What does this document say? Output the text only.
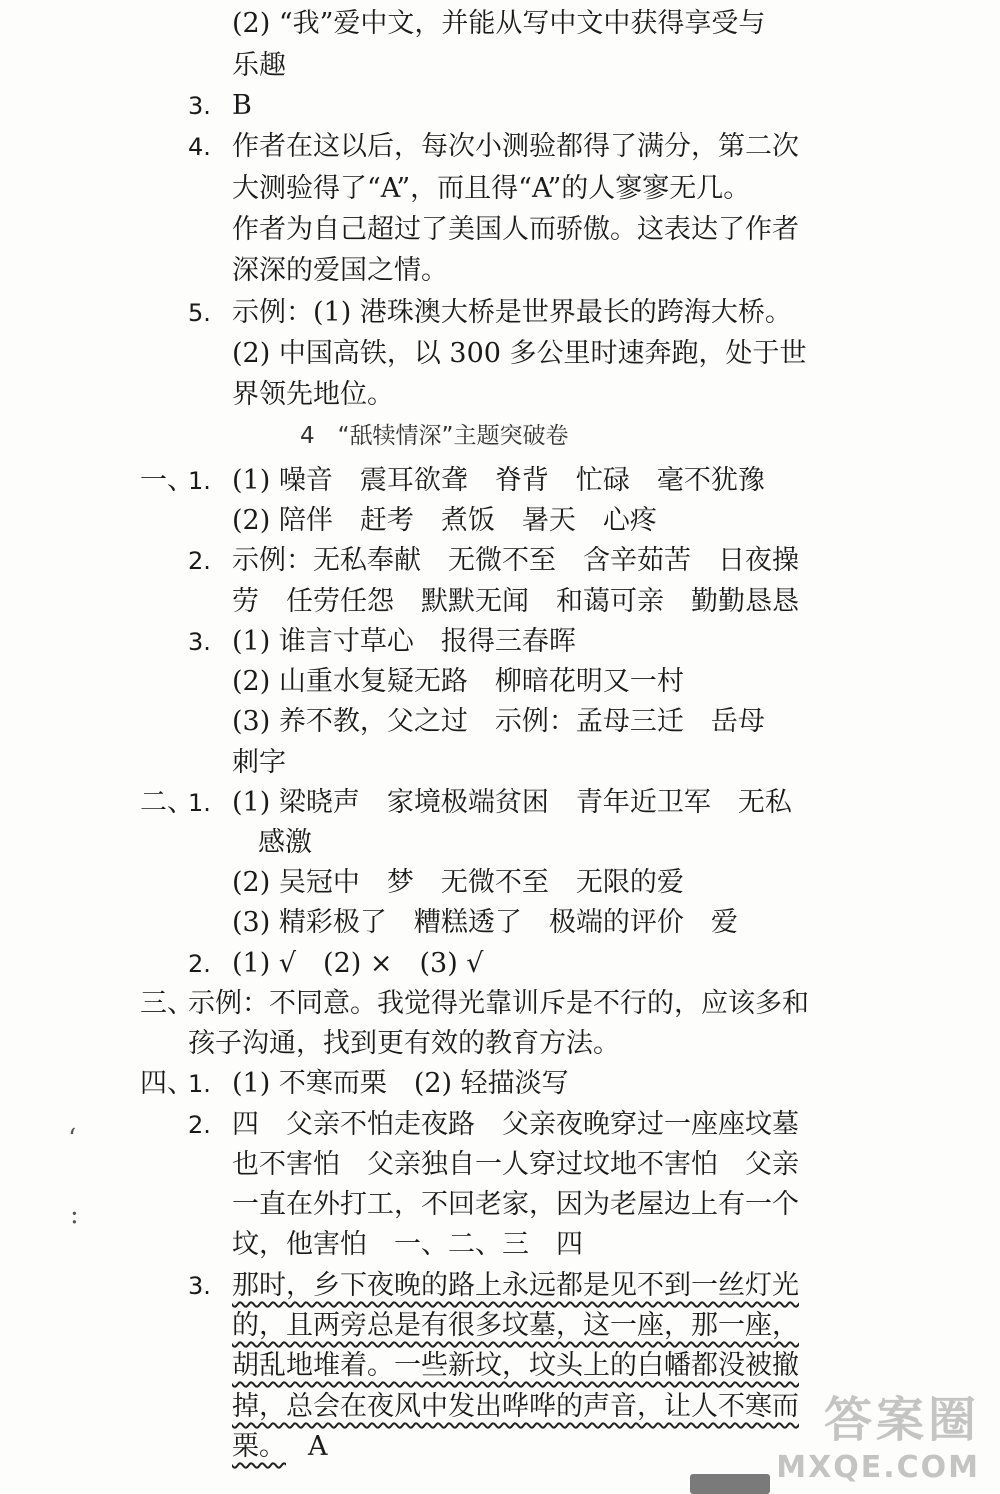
(2) “我”爱中文，并能从写中文中获得享受与
乐趣
3. B
4. 作者在这以后，每次小测验都得了满分，第二次
大测验得了“A”，而且得“A”的人寥寥无几。
作者为自己超过了美国人而骄傲。这表达了作者
深深的爱国之情。
5. 示例：(1) 港珠澳大桥是世界最长的跨海大桥。
(2) 中国高铁，以 300 多公里时速奔跑，处于世
界领先地位。
4　“舐犊情深”主题突破卷
一、
1. (1) 噪音　震耳欲聋　脊背　忙碌　毫不犹豫
(2) 陪伴　赶考　煮饭　暑天　心疼
2. 示例：无私奉献　无微不至　含辛茹苦　日夜操
劳　任劳任怨　默默无闻　和蔼可亲　勤勤恳恳
3. (1) 谁言寸草心　报得三春晖
(2) 山重水复疑无路　柳暗花明又一村
(3) 养不教，父之过　示例：孟母三迁　岳母
刺字
二、
1. (1) 梁晓声　家境极端贫困　青年近卫军　无私
感激
(2) 吴冠中　梦　无微不至　无限的爱
(3) 精彩极了　糟糕透了　极端的评价　爱
2. (1) √　(2) ×　(3) √
三、
示例：不同意。我觉得光靠训斥是不行的，应该多和
孩子沟通，找到更有效的教育方法。
四、
1. (1) 不寒而栗　(2) 轻描淡写
2. 四　父亲不怕走夜路　父亲夜晚穿过一座座坟墓
也不害怕　父亲独自一人穿过坟地不害怕　父亲
一直在外打工，不回老家，因为老屋边上有一个
坟，他害怕　一、二、三　四
3. 那时，乡下夜晚的路上永远都是见不到一丝灯光
的，且两旁总是有很多坟墓，这一座，那一座，
胡乱地堆着。一些新坟，坟头上的白幡都没被撤
掉，总会在夜风中发出哗哗的声音，让人不寒而
栗。 A
‘
:
答案圈
MXQE.COM
